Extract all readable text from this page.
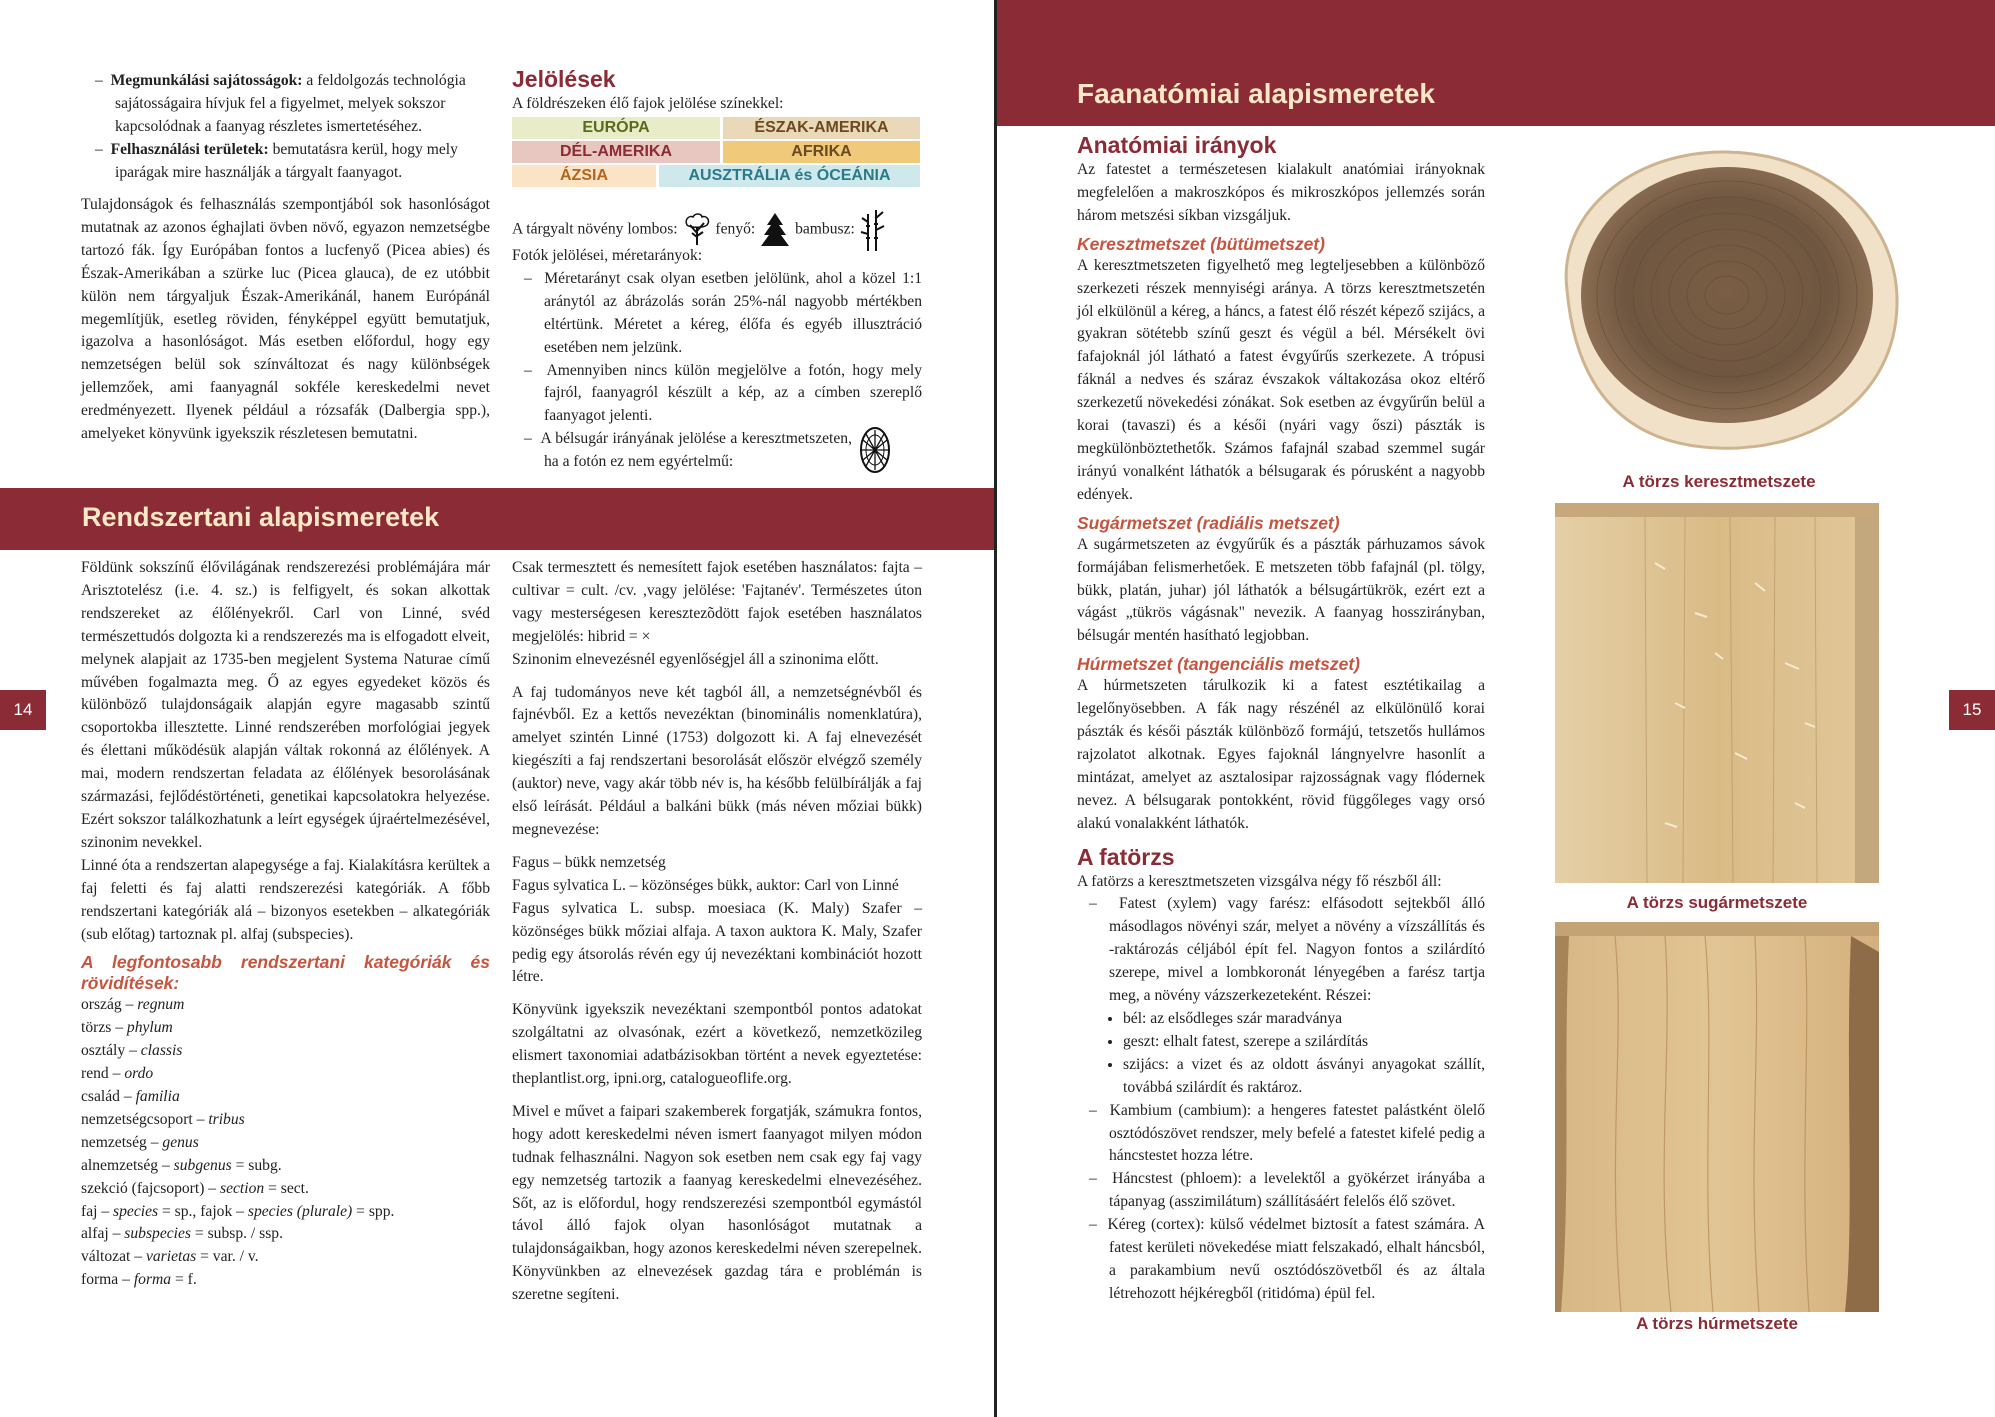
–  Megmunkálási sajátosságok: a feldolgozás technológia sajátosságaira hívjuk fel a figyelmet, melyek sokszor kapcsolódnak a faanyag részletes ismertetéséhez.

–  Felhasználási területek: bemutatásra kerül, hogy mely iparágak mire használják a tárgyalt faanyagot.

Tulajdonságok és felhasználás szempontjából sok hasonlóságot mutatnak az azonos éghajlati övben növő, egyazon nemzetségbe tartozó fák. Így Európában fontos a lucfenyő (Picea abies) és Észak-Amerikában a szürke luc (Picea glauca), de ez utóbbit külön nem tárgyaljuk Észak-Amerikánál, hanem Európánál megemlítjük, esetleg röviden, fényképpel együtt bemutatjuk, igazolva a hasonlóságot. Más esetben előfordul, hogy egy nemzetségen belül sok színváltozat és nagy különbségek jellemzőek, ami faanyagnál sokféle kereskedelmi nevet eredményezett. Ilyenek például a rózsafák (Dalbergia spp.), amelyeket könyvünk igyekszik részletesen bemutatni.

Jelölések
A földrészeken élő fajok jelölése színekkel:
EURÓPA	ÉSZAK-AMERIKA
DÉL-AMERIKA	AFRIKA
ÁZSIA	AUSZTRÁLIA és ÓCEÁNIA
A tárgyalt növény lombos: fenyő:	bambusz:

Fotók jelölései, méretarányok:

–  Méretarányt csak olyan esetben jelölünk, ahol a közel 1:1 aránytól az ábrázolás során 25%-nál nagyobb mértékben eltértünk. Méretet a kéreg, élőfa és egyéb illusztráció esetében nem jelzünk.

–  Amennyiben nincs külön megjelölve a fotón, hogy mely fajról, faanyagról készült a kép, az a címben szereplő faanyagot jelenti.

–  A bélsugár irányának jelölése a keresztmetszeten, ha a fotón ez nem egyértelmű:

Rendszertani alapismeretek
14

Földünk sokszínű élővilágának rendszerezési problémájára már Arisztotelész (i.e. 4. sz.) is felfigyelt, és sokan alkottak rendszereket az élőlényekről. Carl von Linné, svéd természettudós dolgozta ki a rendszerezés ma is elfogadott elveit, melynek alapjait az 1735-ben megjelent Systema Naturae című művében fogalmazta meg. Ő az egyes egyedeket közös és különböző tulajdonságaik alapján egyre magasabb szintű csoportokba illesztette. Linné rendszerében morfológiai jegyek és élettani működésük alapján váltak rokonná az élőlények. A mai, modern rendszertan feladata az élőlények besorolásának származási, fejlődéstörténeti, genetikai kapcsolatokra helyezése. Ezért sokszor találkozhatunk a leírt egységek újraértelmezésével, szinonim nevekkel.

Linné óta a rendszertan alapegysége a faj. Kialakításra kerültek a faj feletti és faj alatti rendszerezési kategóriák. A főbb rendszertani kategóriák alá – bizonyos esetekben – alkategóriák (sub előtag) tartoznak pl. alfaj (subspecies).

A legfontosabb rendszertani kategóriák és rövidítések:

ország – regnum

törzs – phylum

osztály – classis

rend – ordo

család – familia

nemzetségcsoport – tribus

nemzetség – genus

alnemzetség – subgenus = subg.

szekció (fajcsoport) – section = sect.

faj – species = sp., fajok – species (plurale) = spp.

alfaj – subspecies = subsp. / ssp.

változat – varietas = var. / v.

forma – forma = f.

Csak termesztett és nemesített fajok esetében használatos: fajta – cultivar = cult. /cv. ,vagy jelölése: 'Fajtanév'. Természetes úton vagy mesterségesen keresztezõdött fajok esetében használatos megjelölés: hibrid = ×

Szinonim elnevezésnél egyenlőségjel áll a szinonima előtt.

A faj tudományos neve két tagból áll, a nemzetségnévből és fajnévből. Ez a kettős nevezéktan (binominális nomenklatúra), amelyet szintén Linné (1753) dolgozott ki. A faj elnevezését kiegészíti a faj rendszertani besorolását először elvégző személy (auktor) neve, vagy akár több név is, ha később felülbírálják a faj első leírását. Például a balkáni bükk (más néven mőziai bükk) megnevezése:

Fagus – bükk nemzetség

Fagus sylvatica L. – közönséges bükk, auktor: Carl von Linné

Fagus sylvatica L. subsp. moesiaca (K. Maly) Szafer – közönséges bükk mőziai alfaja. A taxon auktora K. Maly, Szafer pedig egy átsorolás révén egy új nevezéktani kombinációt hozott létre.

Könyvünk igyekszik nevezéktani szempontból pontos adatokat szolgáltatni az olvasónak, ezért a következő, nemzetközileg elismert taxonomiai adatbázisokban történt a nevek egyeztetése: theplantlist.org, ipni.org, catalogueoflife.org.

Mivel e művet a faipari szakemberek forgatják, számukra fontos, hogy adott kereskedelmi néven ismert faanyagot milyen módon tudnak felhasználni. Nagyon sok esetben nem csak egy faj vagy egy nemzetség tartozik a faanyag kereskedelmi elnevezéséhez. Sőt, az is előfordul, hogy rendszerezési szempontból egymástól távol álló fajok olyan hasonlóságot mutatnak a tulajdonságaikban, hogy azonos kereskedelmi néven szerepelnek. Könyvünkben az elnevezések gazdag tára e problémán is szeretne segíteni.

Faanatómiai alapismeretek
15
Anatómiai irányok

Az fatestet a természetesen kialakult anatómiai irányoknak megfelelően a makroszkópos és mikroszkópos jellemzés során három metszési síkban vizsgáljuk.

Keresztmetszet (bütümetszet)

A keresztmetszeten figyelhető meg legteljesebben a különböző szerkezeti részek mennyiségi aránya. A törzs keresztmetszetén jól elkülönül a kéreg, a háncs, a fatest élő részét képező szijács, a gyakran sötétebb színű geszt és végül a bél. Mérsékelt övi fafajoknál jól látható a fatest évgyűrűs szerkezete. A trópusi fáknál a nedves és száraz évszakok váltakozása okoz eltérő szerkezetű növekedési zónákat. Sok esetben az évgyűrűn belül a korai (tavaszi) és a késői (nyári vagy őszi) pászták is megkülönböztethetők. Számos fafajnál szabad szemmel sugár irányú vonalként láthatók a bélsugarak és pórusként a nagyobb edények.

Sugármetszet (radiális metszet)

A sugármetszeten az évgyűrűk és a pászták párhuzamos sávok formájában felismerhetőek. E metszeten több fafajnál (pl. tölgy, bükk, platán, juhar) jól láthatók a bélsugártükrök, ezért ezt a vágást „tükrös vágásnak" nevezik. A faanyag hosszirányban, bélsugár mentén hasítható legjobban.

Húrmetszet (tangenciális metszet)

A húrmetszeten tárulkozik ki a fatest esztétikailag a legelőnyösebben. A fák nagy részénél az elkülönülő korai pászták és késői pászták különböző formájú, tetszetős hullámos rajzolatot alkotnak. Egyes fajoknál lángnyelvre hasonlít a mintázat, amelyet az asztalosipar rajzosságnak vagy flódernek nevez. A bélsugarak pontokként, rövid függőleges vagy orsó alakú vonalakként láthatók.

A fatörzs

A fatörzs a keresztmetszeten vizsgálva négy fő részből áll:

–  Fatest (xylem) vagy farész: elfásodott sejtekből álló másodlagos növényi szár, melyet a növény a vízszállítás és -raktározás céljából épít fel. Nagyon fontos a szilárdító szerepe, mivel a lombkoronát lényegében a farész tartja meg, a növény vázszerkezeteként. Részei:

• bél: az elsődleges szár maradványa
• geszt: elhalt fatest, szerepe a szilárdítás
• szijács: a vizet és az oldott ásványi anyagokat szállít, továbbá szilárdít és raktároz.

–  Kambium (cambium): a hengeres fatestet palástként ölelő osztódószövet rendszer, mely befelé a fatestet kifelé pedig a háncstestet hozza létre.

–  Háncstest (phloem): a levelektől a gyökérzet irányába a tápanyag (asszimilátum) szállításáért felelős élő szövet.

–  Kéreg (cortex): külső védelmet biztosít a fatest számára. A fatest kerületi növekedése miatt felszakadó, elhalt háncsból, a parakambium nevű osztódószövetből és az általa létrehozott héjkéregből (ritidóma) épül fel.

A törzs keresztmetszete
A törzs sugármetszete
A törzs húrmetszete
